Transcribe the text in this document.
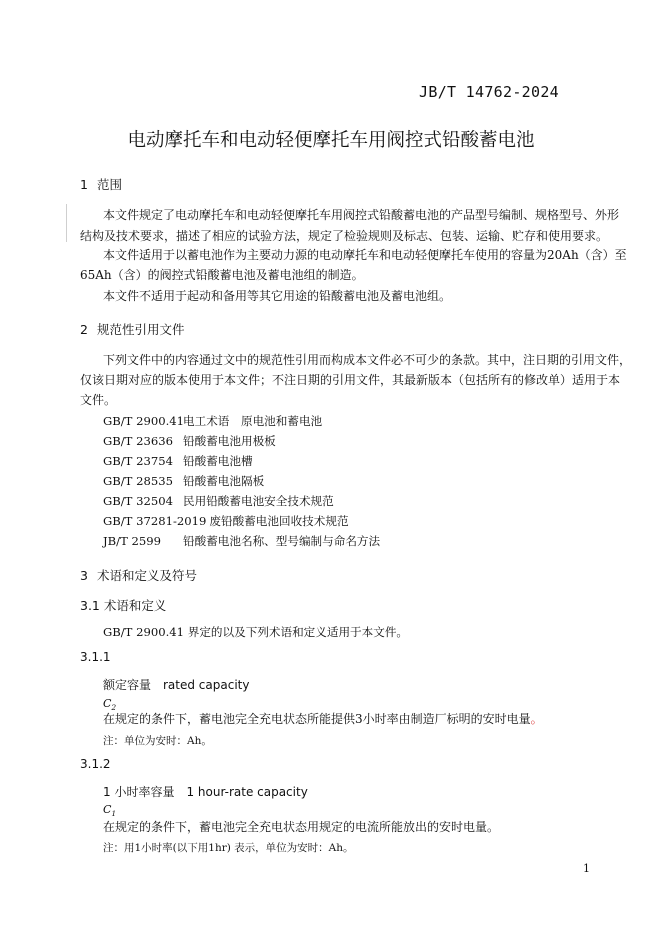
JB/T 14762-2024
电动摩托车和电动轻便摩托车用阀控式铅酸蓄电池
1 范围
本文件规定了电动摩托车和电动轻便摩托车用阀控式铅酸蓄电池的产品型号编制、规格型号、外形
结构及技术要求，描述了相应的试验方法，规定了检验规则及标志、包装、运输、贮存和使用要求。
本文件适用于以蓄电池作为主要动力源的电动摩托车和电动轻便摩托车使用的容量为20Ah（含）至
65Ah（含）的阀控式铅酸蓄电池及蓄电池组的制造。
本文件不适用于起动和备用等其它用途的铅酸蓄电池及蓄电池组。
2 规范性引用文件
下列文件中的内容通过文中的规范性引用而构成本文件必不可少的条款。其中，注日期的引用文件，
仅该日期对应的版本使用于本文件；不注日期的引用文件，其最新版本（包括所有的修改单）适用于本
文件。
GB/T 2900.41电工术语　原电池和蓄电池
GB/T 23636 铅酸蓄电池用极板
GB/T 23754 铅酸蓄电池槽
GB/T 28535 铅酸蓄电池隔板
GB/T 32504 民用铅酸蓄电池安全技术规范
GB/T 37281-2019 废铅酸蓄电池回收技术规范
JB/T 2599 铅酸蓄电池名称、型号编制与命名方法
3 术语和定义及符号
3.1 术语和定义
GB/T 2900.41 界定的以及下列术语和定义适用于本文件。
3.1.1
额定容量　rated capacity
$C_2$
在规定的条件下，蓄电池完全充电状态所能提供3小时率由制造厂标明的安时电量。
注：单位为安时：Ah。
3.1.2
1 小时率容量　1 hour-rate capacity
$C_1$
在规定的条件下，蓄电池完全充电状态用规定的电流所能放出的安时电量。
注：用1小时率(以下用1hr) 表示，单位为安时：Ah。
1
